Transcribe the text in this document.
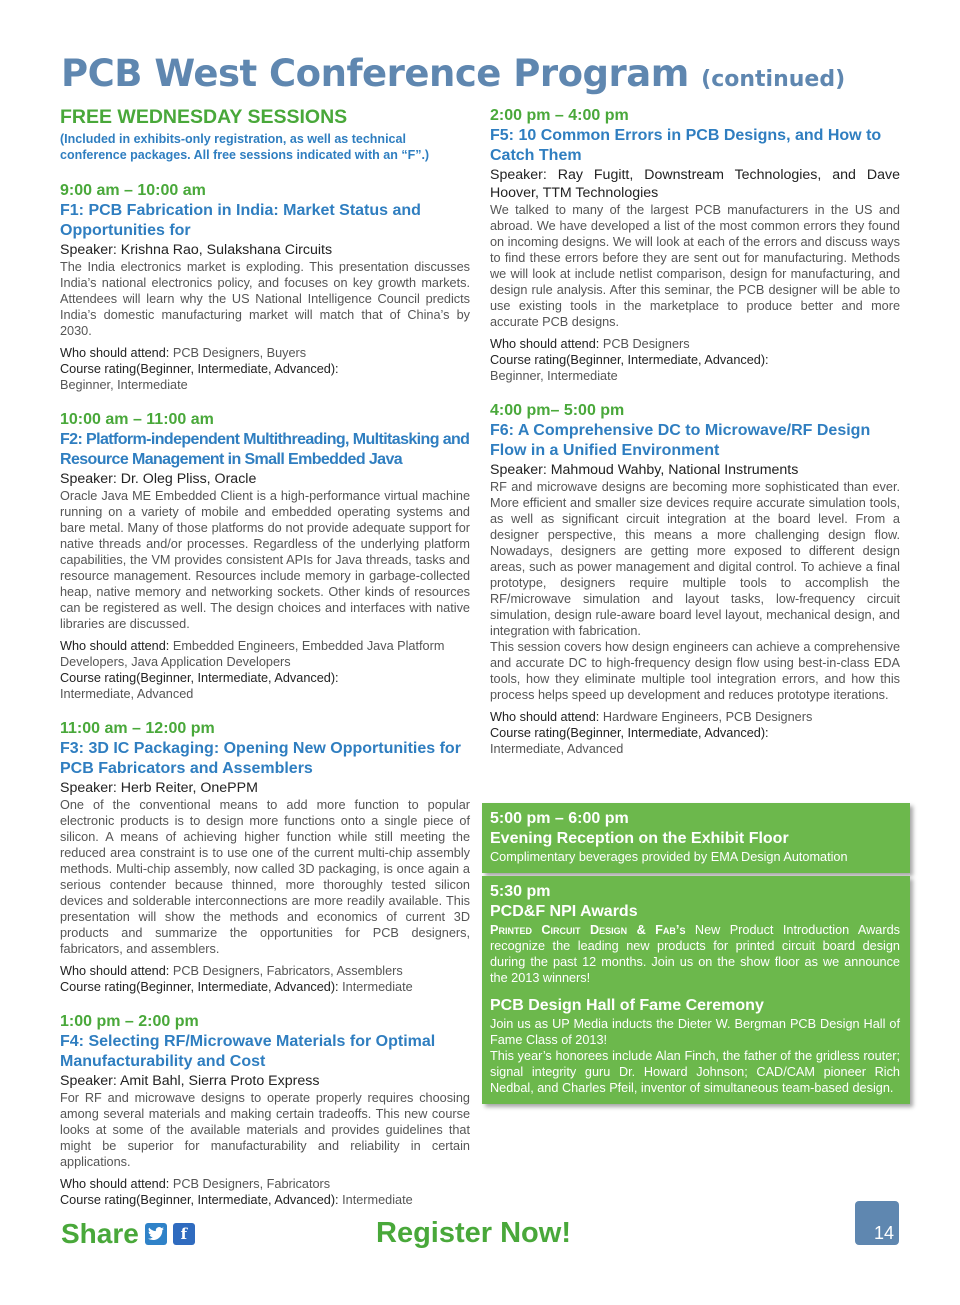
PCB West Conference Program (continued)
FREE WEDNESDAY SESSIONS

(Included in exhibits-only registration, as well as technical conference packages. All free sessions indicated with an “F”.)

9:00 am – 10:00 am
F1: PCB Fabrication in India: Market Status and Opportunities for
Speaker: Krishna Rao, Sulakshana Circuits

The India electronics market is exploding. This presentation discusses India’s national electronics policy, and focuses on key growth markets. Attendees will learn why the US National Intelligence Council predicts India’s domestic manufacturing market will match that of China’s by 2030.

Who should attend: PCB Designers, Buyers
Course rating(Beginner, Intermediate, Advanced):
Beginner, Intermediate
10:00 am – 11:00 am
F2: Platform-independent Multithreading, Multitasking and Resource Management in Small Embedded Java
Speaker: Dr. Oleg Pliss, Oracle

Oracle Java ME Embedded Client is a high-performance virtual machine running on a variety of mobile and embedded operating systems and bare metal. Many of those platforms do not provide adequate support for native threads and/or processes. Regardless of the underlying platform capabilities, the VM provides consistent APIs for Java threads, tasks and resource management. Resources include memory in garbage-collected heap, native memory and networking sockets. Other kinds of resources can be registered as well. The design choices and interfaces with native libraries are discussed.

Who should attend: Embedded Engineers, Embedded Java Platform Developers, Java Application Developers
Course rating(Beginner, Intermediate, Advanced):
Intermediate, Advanced
11:00 am – 12:00 pm
F3: 3D IC Packaging: Opening New Opportunities for PCB Fabricators and Assemblers
Speaker: Herb Reiter, OnePPM

One of the conventional means to add more function to popular electronic products is to design more functions onto a single piece of silicon. A means of achieving higher function while still meeting the reduced area constraint is to use one of the current multi-chip assembly methods. Multi-chip assembly, now called 3D packaging, is once again a serious contender because thinned, more thoroughly tested silicon devices and solderable interconnections are more readily available. This presentation will show the methods and economics of current 3D products and summarize the opportunities for PCB designers, fabricators, and assemblers.

Who should attend: PCB Designers, Fabricators, Assemblers
Course rating(Beginner, Intermediate, Advanced): Intermediate
1:00 pm – 2:00 pm
F4: Selecting RF/Microwave Materials for Optimal Manufacturability and Cost
Speaker: Amit Bahl, Sierra Proto Express

For RF and microwave designs to operate properly requires choosing among several materials and making certain tradeoffs. This new course looks at some of the available materials and provides guidelines that might be superior for manufacturability and reliability in certain applications.

Who should attend: PCB Designers, Fabricators
Course rating(Beginner, Intermediate, Advanced): Intermediate
2:00 pm – 4:00 pm
F5: 10 Common Errors in PCB Designs, and How to Catch Them
Speaker: Ray Fugitt, Downstream Technologies, and Dave Hoover, TTM Technologies

We talked to many of the largest PCB manufacturers in the US and abroad. We have developed a list of the most common errors they found on incoming designs. We will look at each of the errors and discuss ways to find these errors before they are sent out for manufacturing. Methods we will look at include netlist comparison, design for manufacturing, and design rule analysis. After this seminar, the PCB designer will be able to use existing tools in the marketplace to produce better and more accurate PCB designs.

Who should attend: PCB Designers
Course rating(Beginner, Intermediate, Advanced):
Beginner, Intermediate
4:00 pm– 5:00 pm
F6: A Comprehensive DC to Microwave/RF Design Flow in a Unified Environment
Speaker: Mahmoud Wahby, National Instruments

RF and microwave designs are becoming more sophisticated than ever. More efficient and smaller size devices require accurate simulation tools, as well as significant circuit integration at the board level. From a designer perspective, this means a more challenging design flow. Nowadays, designers are getting more exposed to different design areas, such as power management and digital control. To achieve a final prototype, designers require multiple tools to accomplish the RF/microwave simulation and layout tasks, low-frequency circuit simulation, design rule-aware board level layout, mechanical design, and integration with fabrication.

This session covers how design engineers can achieve a comprehensive and accurate DC to high-frequency design flow using best-in-class EDA tools, how they eliminate multiple tool integration errors, and how this process helps speed up development and reduces prototype iterations.

Who should attend: Hardware Engineers, PCB Designers
Course rating(Beginner, Intermediate, Advanced):
Intermediate, Advanced
5:00 pm – 6:00 pm
Evening Reception on the Exhibit Floor
Complimentary beverages provided by EMA Design Automation
5:30 pm
PCD&F NPI Awards
Printed Circuit Design & Fab’s New Product Introduction Awards recognize the leading new products for printed circuit board design during the past 12 months. Join us on the show floor as we announce the 2013 winners!
PCB Design Hall of Fame Ceremony
Join us as UP Media inducts the Dieter W. Bergman PCB Design Hall of Fame Class of 2013!
This year’s honorees include Alan Finch, the father of the gridless router; signal integrity guru Dr. Howard Johnson; CAD/CAM pioneer Rich Nedbal, and Charles Pfeil, inventor of simultaneous team-based design.
Share	f	Register Now!	14
